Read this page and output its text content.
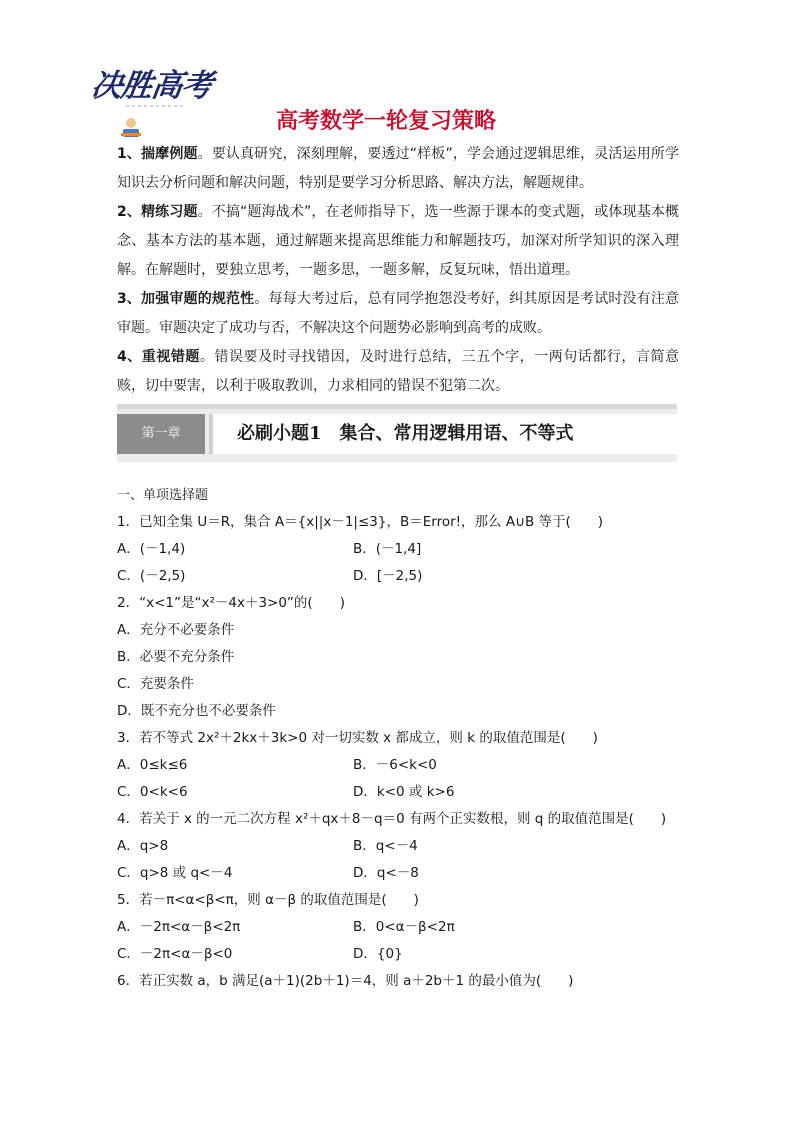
决胜高考
高考数学一轮复习策略

1、揣摩例题。要认真研究，深刻理解，要透过“样板”，学会通过逻辑思维，灵活运用所学知识去分析问题和解决问题，特别是要学习分析思路、解决方法，解题规律。

2、精练习题。不搞“题海战术”，在老师指导下，选一些源于课本的变式题，或体现基本概念、基本方法的基本题，通过解题来提高思维能力和解题技巧，加深对所学知识的深入理解。在解题时，要独立思考，一题多思，一题多解，反复玩味，悟出道理。

3、加强审题的规范性。每每大考过后，总有同学抱怨没考好，纠其原因是考试时没有注意审题。审题决定了成功与否，不解决这个问题势必影响到高考的成败。

4、重视错题。错误要及时寻找错因，及时进行总结，三五个字，一两句话都行，言简意赅，切中要害，以利于吸取教训，力求相同的错误不犯第二次。

第一章	必刷小题1　集合、常用逻辑用语、不等式
一、单项选择题
1．已知全集 U＝R，集合 A＝{x||x－1|≤3}，B＝Error!，那么 A∪B 等于(　　)
A．(－1,4)	B．(－1,4]
C．(－2,5)	D．[－2,5)
2．“x<1”是“x²－4x＋3>0”的(　　)
A．充分不必要条件
B．必要不充分条件
C．充要条件
D．既不充分也不必要条件
3．若不等式 2x²＋2kx＋3k>0 对一切实数 x 都成立，则 k 的取值范围是(　　)
A．0≤k≤6	B．－6<k<0
C．0<k<6	D．k<0 或 k>6
4．若关于 x 的一元二次方程 x²＋qx＋8－q＝0 有两个正实数根，则 q 的取值范围是(　　)
A．q>8	B．q<－4
C．q>8 或 q<－4	D．q<－8
5．若－π<α<β<π，则 α－β 的取值范围是(　　)
A．－2π<α－β<2π	B．0<α－β<2π
C．－2π<α－β<0	D．{0}
6．若正实数 a，b 满足(a＋1)(2b＋1)＝4，则 a＋2b＋1 的最小值为(　　)
